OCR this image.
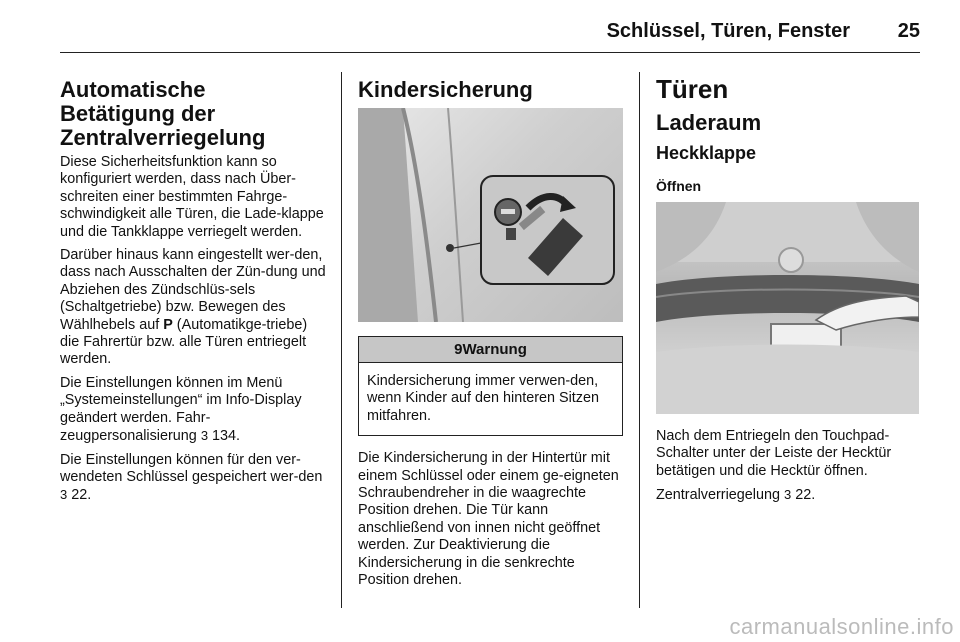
Schlüssel, Türen, Fenster 25
Automatische Betätigung der Zentralverriegelung

Diese Sicherheitsfunktion kann so konfiguriert werden, dass nach Über-schreiten einer bestimmten Fahrge-schwindigkeit alle Türen, die Lade-klappe und die Tankklappe verriegelt werden.

Darüber hinaus kann eingestellt wer-den, dass nach Ausschalten der Zün-dung und Abziehen des Zündschlüs-sels (Schaltgetriebe) bzw. Bewegen des Wählhebels auf P (Automatikge-triebe) die Fahrertür bzw. alle Türen entriegelt werden.

Die Einstellungen können im Menü „Systemeinstellungen“ im Info-Display geändert werden. Fahr-zeugpersonalisierung 3 134.

Die Einstellungen können für den ver-wendeten Schlüssel gespeichert wer-den 3 22.

Kindersicherung
9Warnung
Kindersicherung immer verwen-den, wenn Kinder auf den hinteren Sitzen mitfahren.

Die Kindersicherung in der Hintertür mit einem Schlüssel oder einem ge-eigneten Schraubendreher in die waagrechte Position drehen. Die Tür kann anschließend von innen nicht geöffnet werden. Zur Deaktivierung die Kindersicherung in die senkrechte Position drehen.

Türen
Laderaum
Heckklappe
Öffnen

Nach dem Entriegeln den Touchpad-Schalter unter der Leiste der Hecktür betätigen und die Hecktür öffnen.

Zentralverriegelung 3 22.

carmanualsonline.info
